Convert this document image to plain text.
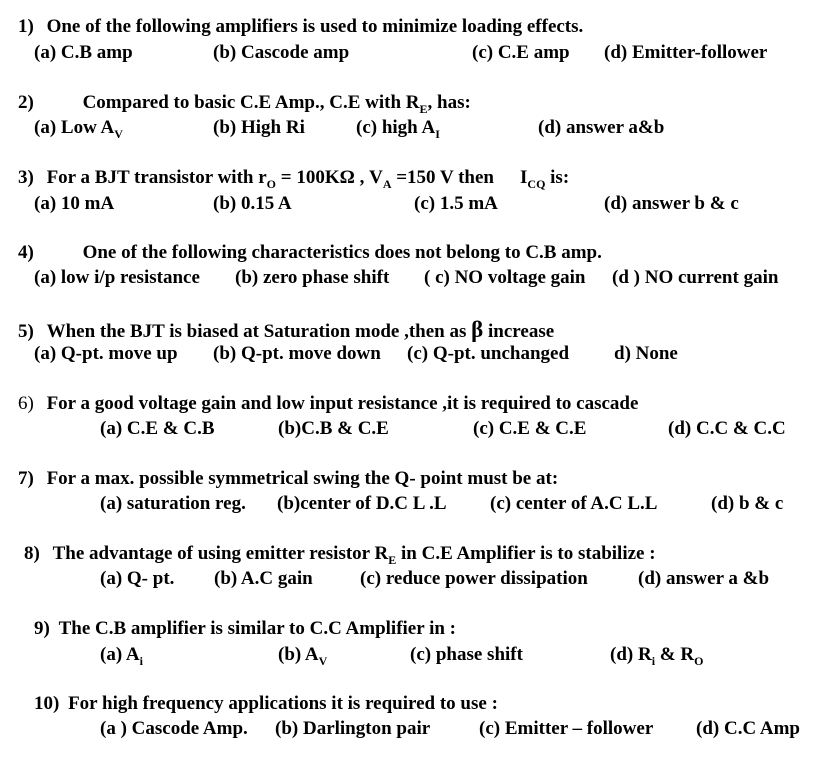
1) One of the following amplifiers is used to minimize loading effects.
(a) C.B amp	(b) Cascode amp	(c) C.E amp (d) Emitter-follower
2)	Compared to basic C.E Amp., C.E with $R_E$, has:
(a) Low $A_V$	(b) High Ri	(c) high $A_I$	(d) answer a&b
3) For a BJT transistor with $r_O = 100K\Omega$ , $V_A =150$ V then $I_{CQ}$ is:
(a) 10 mA	(b) 0.15 A	(c) 1.5 mA	(d) answer b & c
4)	One of the following characteristics does not belong to C.B amp.
(a) low i/p resistance (b) zero phase shift ( c) NO voltage gain (d ) NO current gain
5) When the BJT is biased at Saturation mode ,then as β increase
(a) Q-pt. move up (b) Q-pt. move down (c) Q-pt. unchanged d) None
6) For a good voltage gain and low input resistance ,it is required to cascade
(a) C.E & C.B	(b)C.B & C.E	(c) C.E & C.E	(d) C.C & C.C
7) For a max. possible symmetrical swing the Q- point must be at:
(a) saturation reg. (b)center of D.C L .L (c) center of A.C L.L	(d) b & c
8) The advantage of using emitter resistor $R_E$ in C.E Amplifier is to stabilize :
(a) Q- pt. (b) A.C gain (c) reduce power dissipation	(d) answer a &b
9) The C.B amplifier is similar to C.C Amplifier in :
(a) $A_i$	(b) $A_V$	(c) phase shift	(d) $R_i$ & $R_O$
10) For high frequency applications it is required to use :
(a ) Cascode Amp. (b) Darlington pair	(c) Emitter – follower (d) C.C Amp
